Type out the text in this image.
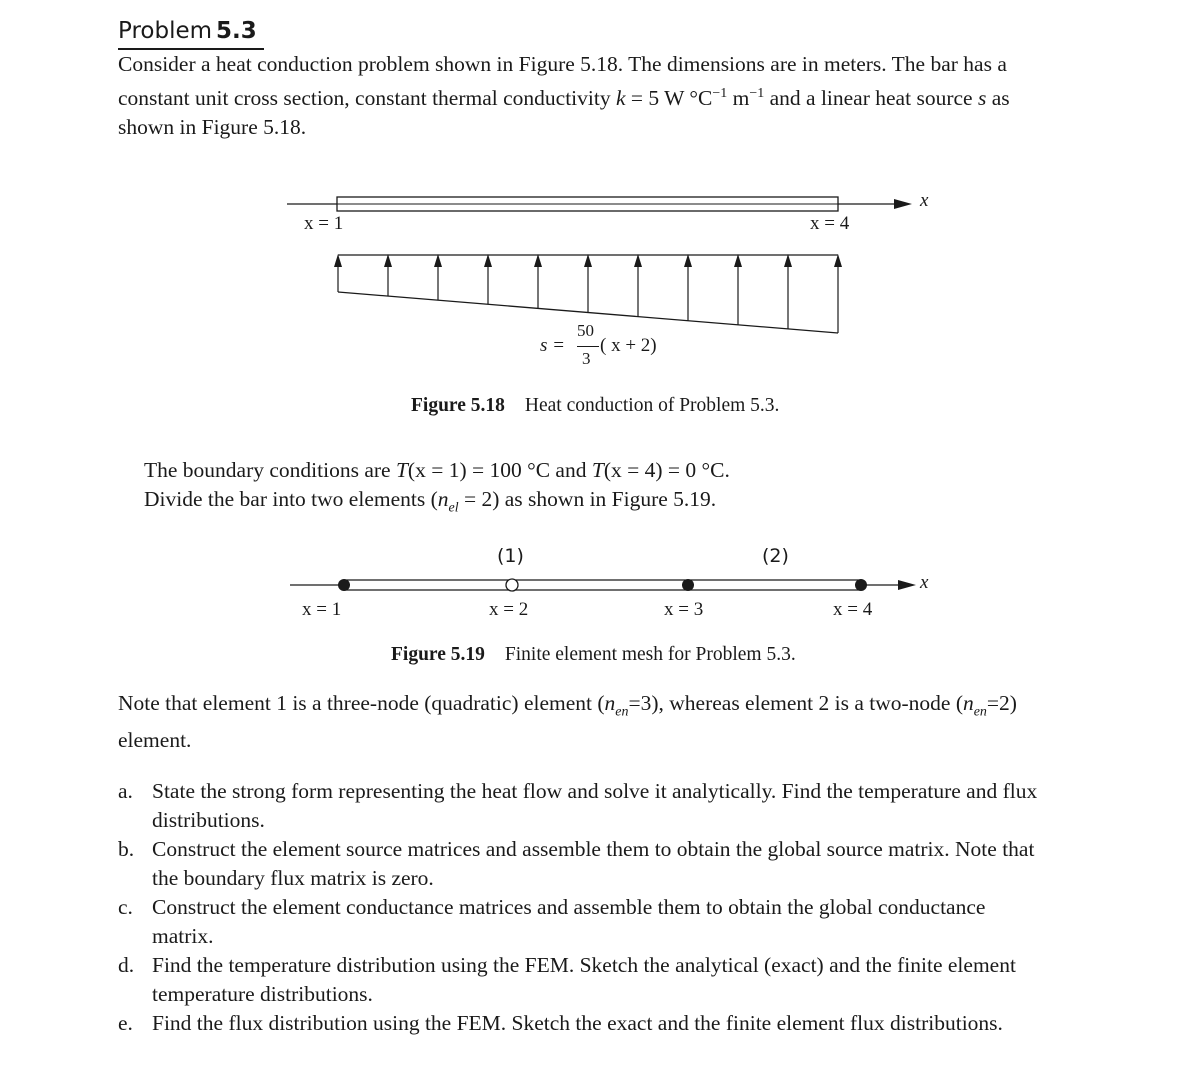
Problem 5.3
Consider a heat conduction problem shown in Figure 5.18. The dimensions are in meters. The bar has a
constant unit cross section, constant thermal conductivity k = 5 W $^\circ C^{-1}$ $m^{-1}$ and a linear heat source s as
shown in Figure 5.18.
x = 1	x = 4
x
s =
50
3
( x + 2)
Figure 5.18 Heat conduction of Problem 5.3.
The boundary conditions are T(x = 1) = 100 °C and T(x = 4) = 0 °C.
Divide the bar into two elements $(n_{el} = 2)$ as shown in Figure 5.19.
(1)	(2)
x = 1	x = 2	x = 3	x = 4
x
Figure 5.19 Finite element mesh for Problem 5.3.
Note that element 1 is a three-node (quadratic) element $(n_{en}=3)$, whereas element 2 is a two-node $(n_{en}=2)$
element.
a. State the strong form representing the heat flow and solve it analytically. Find the temperature and flux
distributions.
b. Construct the element source matrices and assemble them to obtain the global source matrix. Note that
the boundary flux matrix is zero.
c. Construct the element conductance matrices and assemble them to obtain the global conductance
matrix.
d. Find the temperature distribution using the FEM. Sketch the analytical (exact) and the finite element
temperature distributions.
e. Find the flux distribution using the FEM. Sketch the exact and the finite element flux distributions.
